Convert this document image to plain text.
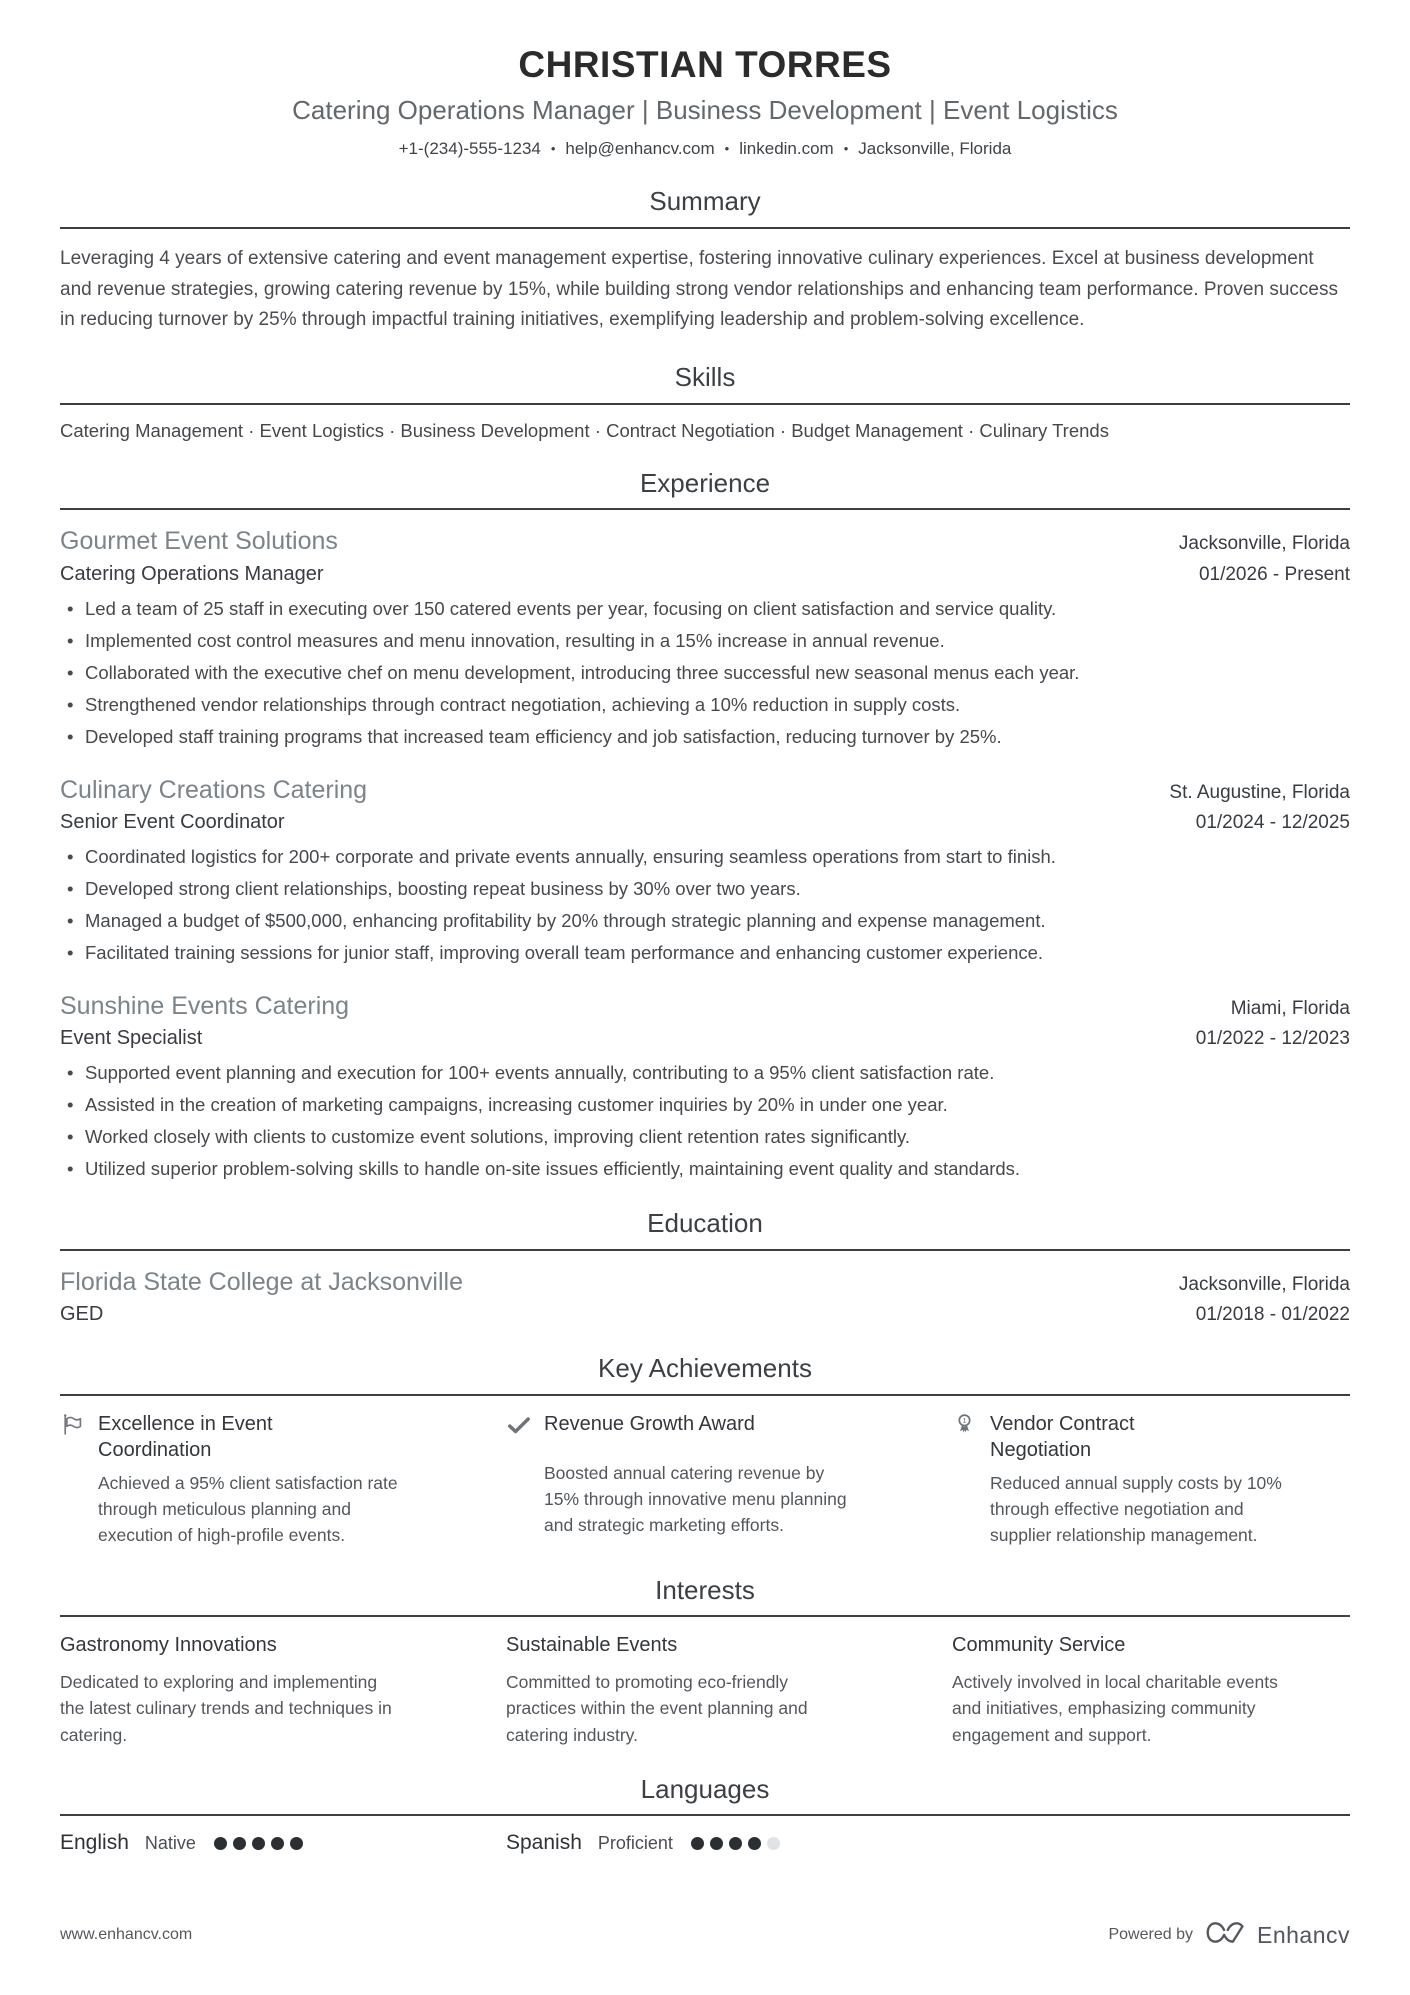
CHRISTIAN TORRES
Catering Operations Manager | Business Development | Event Logistics
+1-(234)-555-1234 • help@enhancv.com • linkedin.com • Jacksonville, Florida
Summary
Leveraging 4 years of extensive catering and event management expertise, fostering innovative culinary experiences. Excel at business development and revenue strategies, growing catering revenue by 15%, while building strong vendor relationships and enhancing team performance. Proven success in reducing turnover by 25% through impactful training initiatives, exemplifying leadership and problem-solving excellence.
Skills
Catering Management · Event Logistics · Business Development · Contract Negotiation · Budget Management · Culinary Trends
Experience
Gourmet Event Solutions	Jacksonville, Florida
Catering Operations Manager	01/2026 - Present
• Led a team of 25 staff in executing over 150 catered events per year, focusing on client satisfaction and service quality.
• Implemented cost control measures and menu innovation, resulting in a 15% increase in annual revenue.
• Collaborated with the executive chef on menu development, introducing three successful new seasonal menus each year.
• Strengthened vendor relationships through contract negotiation, achieving a 10% reduction in supply costs.
• Developed staff training programs that increased team efficiency and job satisfaction, reducing turnover by 25%.
Culinary Creations Catering	St. Augustine, Florida
Senior Event Coordinator	01/2024 - 12/2025
• Coordinated logistics for 200+ corporate and private events annually, ensuring seamless operations from start to finish.
• Developed strong client relationships, boosting repeat business by 30% over two years.
• Managed a budget of $500,000, enhancing profitability by 20% through strategic planning and expense management.
• Facilitated training sessions for junior staff, improving overall team performance and enhancing customer experience.
Sunshine Events Catering	Miami, Florida
Event Specialist	01/2022 - 12/2023
• Supported event planning and execution for 100+ events annually, contributing to a 95% client satisfaction rate.
• Assisted in the creation of marketing campaigns, increasing customer inquiries by 20% in under one year.
• Worked closely with clients to customize event solutions, improving client retention rates significantly.
• Utilized superior problem-solving skills to handle on-site issues efficiently, maintaining event quality and standards.
Education
Florida State College at Jacksonville	Jacksonville, Florida
GED	01/2018 - 01/2022
Key Achievements
Excellence in Event Coordination
Achieved a 95% client satisfaction rate through meticulous planning and execution of high-profile events.
Revenue Growth Award
Boosted annual catering revenue by 15% through innovative menu planning and strategic marketing efforts.
1 Vendor Contract Negotiation
Reduced annual supply costs by 10% through effective negotiation and supplier relationship management.
Interests
Gastronomy Innovations
Dedicated to exploring and implementing the latest culinary trends and techniques in catering.
Sustainable Events
Committed to promoting eco-friendly practices within the event planning and catering industry.
Community Service
Actively involved in local charitable events and initiatives, emphasizing community engagement and support.
Languages
English Native	Spanish Proficient
www.enhancv.com	Powered by	Enhancv
